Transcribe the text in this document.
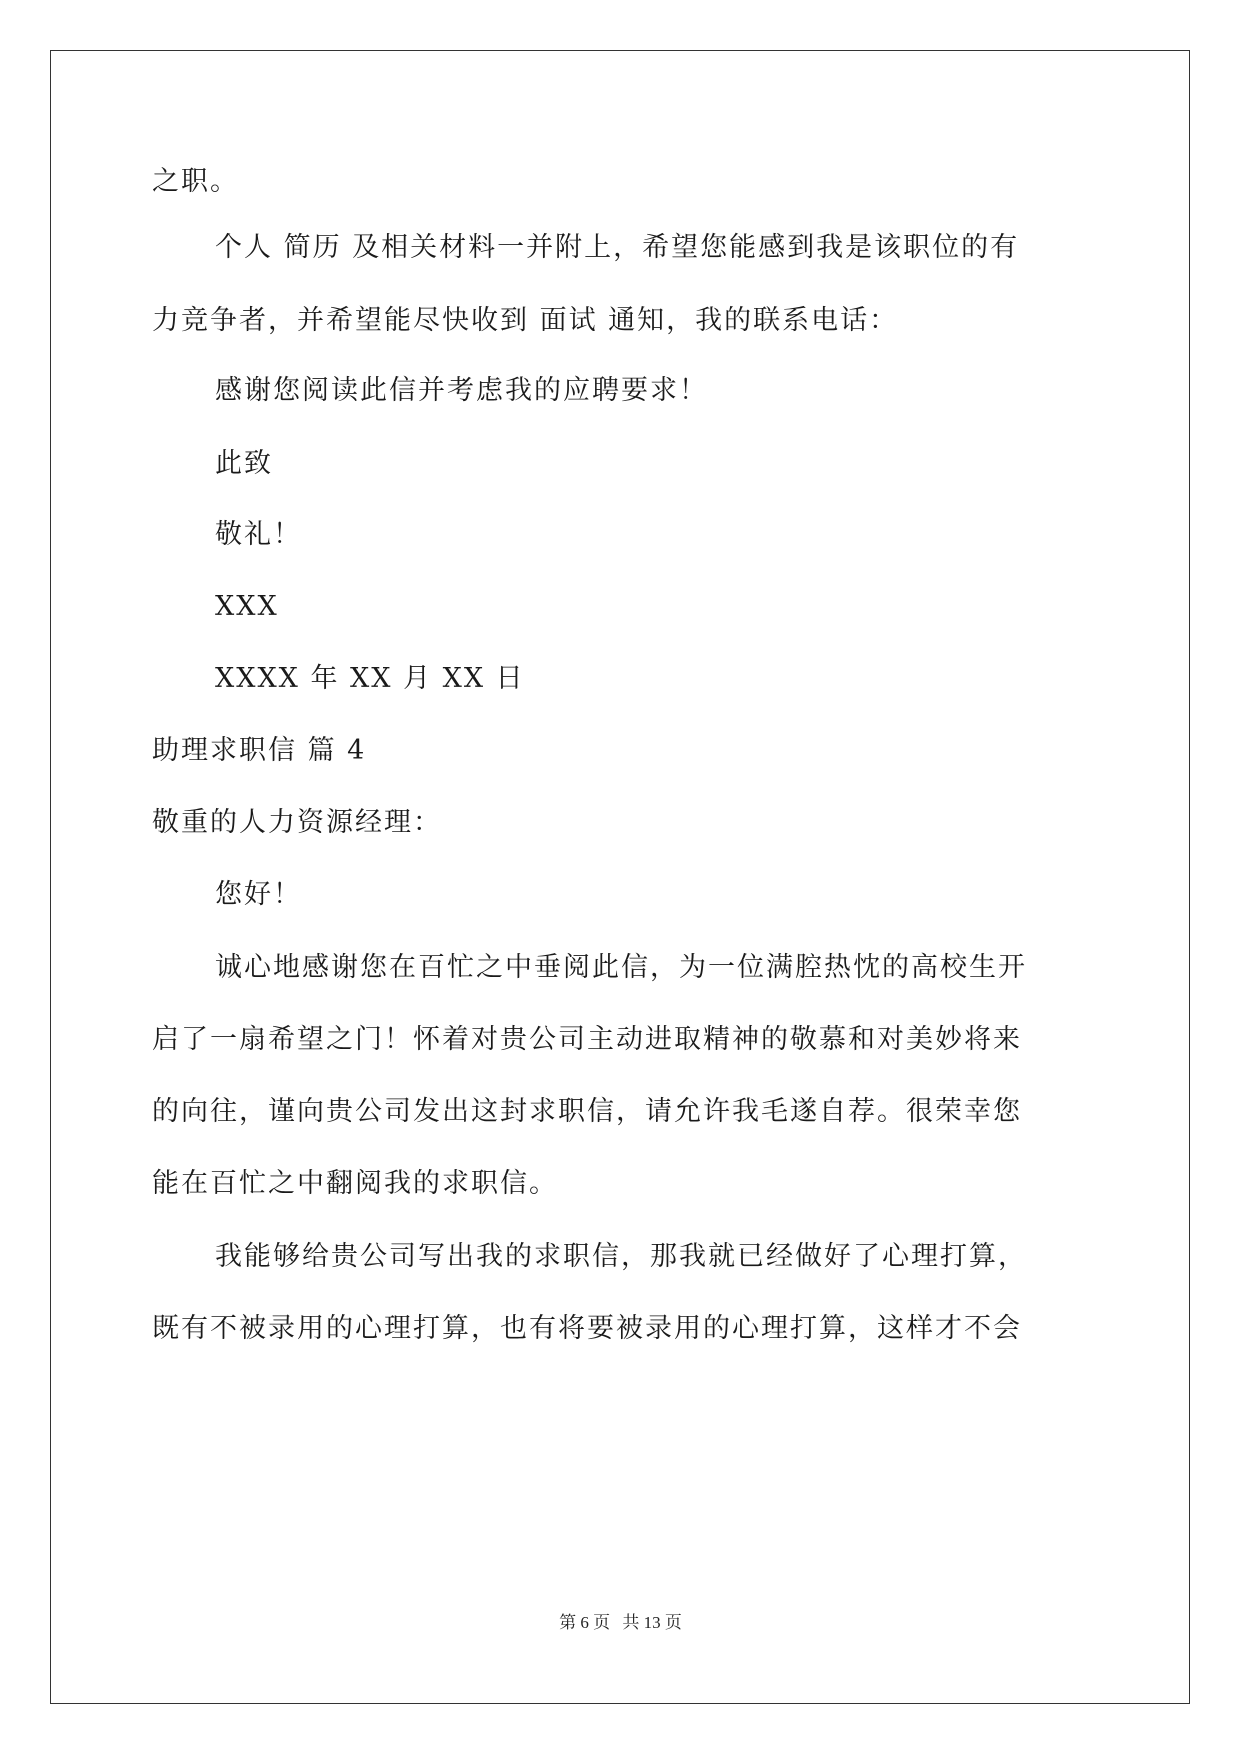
之职。
个人 简历 及相关材料一并附上，希望您能感到我是该职位的有
力竞争者，并希望能尽快收到 面试 通知，我的联系电话：
感谢您阅读此信并考虑我的应聘要求！
此致
敬礼！
XXX
XXXX 年 XX 月 XX 日
助理求职信 篇 4
敬重的人力资源经理：
您好！
诚心地感谢您在百忙之中垂阅此信，为一位满腔热忱的高校生开
启了一扇希望之门！怀着对贵公司主动进取精神的敬慕和对美妙将来
的向往，谨向贵公司发出这封求职信，请允许我毛遂自荐。很荣幸您
能在百忙之中翻阅我的求职信。
我能够给贵公司写出我的求职信，那我就已经做好了心理打算，
既有不被录用的心理打算，也有将要被录用的心理打算，这样才不会
第 6 页 共 13 页
